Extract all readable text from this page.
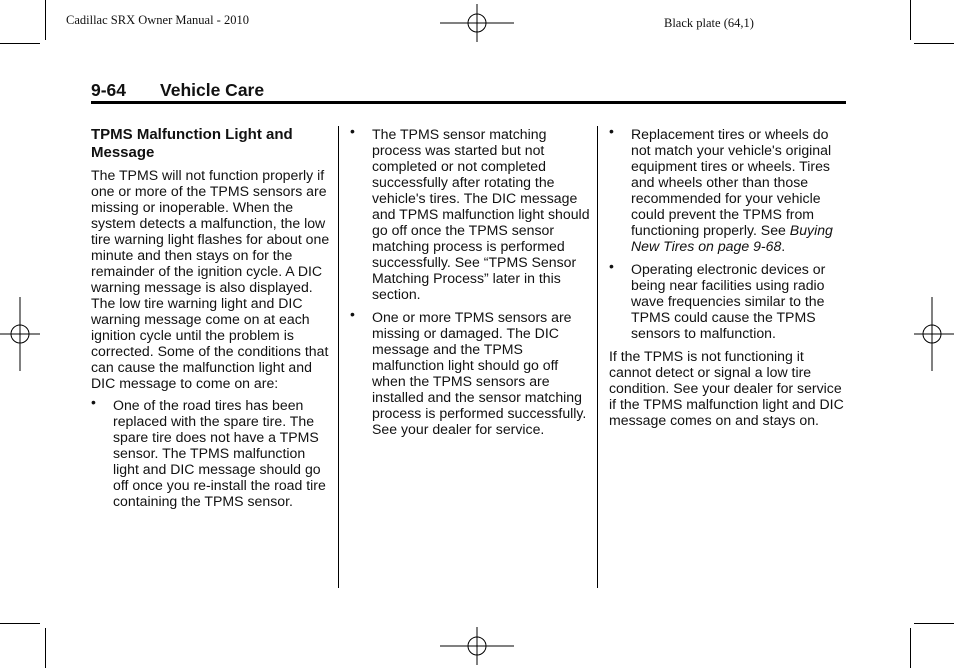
Cadillac SRX Owner Manual - 2010	Black plate (64,1)
9-64 Vehicle Care
TPMS Malfunction Light and Message

The TPMS will not function properly if one or more of the TPMS sensors are missing or inoperable. When the system detects a malfunction, the low tire warning light flashes for about one minute and then stays on for the remainder of the ignition cycle. A DIC warning message is also displayed. The low tire warning light and DIC warning message come on at each ignition cycle until the problem is corrected. Some of the conditions that can cause the malfunction light and DIC message to come on are:

• One of the road tires has been replaced with the spare tire. The spare tire does not have a TPMS sensor. The TPMS malfunction light and DIC message should go off once you re-install the road tire containing the TPMS sensor.
• The TPMS sensor matching process was started but not completed or not completed successfully after rotating the vehicle's tires. The DIC message and TPMS malfunction light should go off once the TPMS sensor matching process is performed successfully. See “TPMS Sensor Matching Process” later in this section.
• One or more TPMS sensors are missing or damaged. The DIC message and the TPMS malfunction light should go off when the TPMS sensors are installed and the sensor matching process is performed successfully. See your dealer for service.
• Replacement tires or wheels do not match your vehicle's original equipment tires or wheels. Tires and wheels other than those recommended for your vehicle could prevent the TPMS from functioning properly. See Buying New Tires on page 9-68.
• Operating electronic devices or being near facilities using radio wave frequencies similar to the TPMS could cause the TPMS sensors to malfunction.

If the TPMS is not functioning it cannot detect or signal a low tire condition. See your dealer for service if the TPMS malfunction light and DIC message comes on and stays on.
